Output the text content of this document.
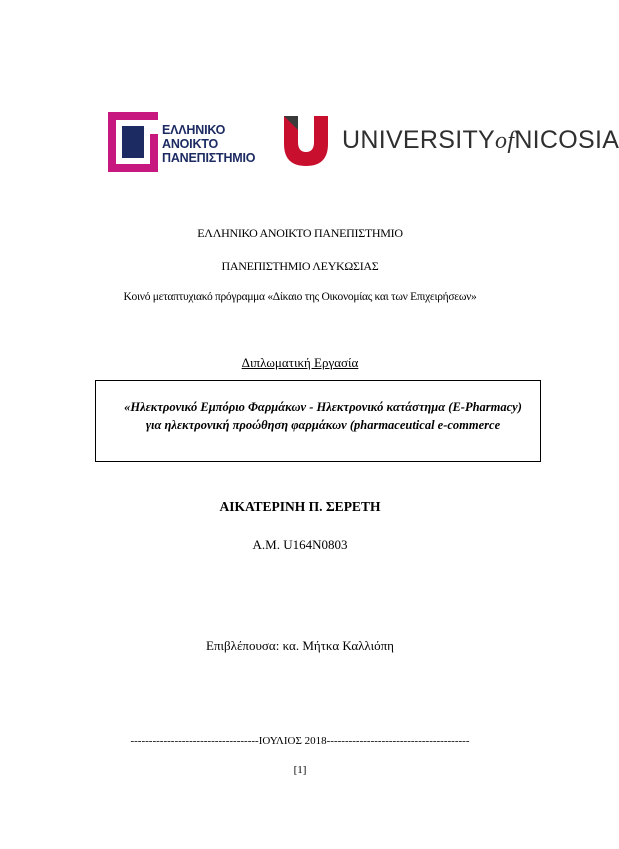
ΕΛΛΗΝΙΚΟ
ΑΝΟΙΚΤΟ
ΠΑΝΕΠΙΣΤΗΜΙΟ
UNIVERSITYofNICOSIA
ΕΛΛΗΝΙΚΟ ΑΝΟΙΚΤΟ ΠΑΝΕΠΙΣΤΗΜΙΟ
ΠΑΝΕΠΙΣΤΗΜΙΟ ΛΕΥΚΩΣΙΑΣ
Κοινό μεταπτυχιακό πρόγραμμα «Δίκαιο της Οικονομίας και των Επιχειρήσεων»
Διπλωματική Εργασία
«Ηλεκτρονικό Εμπόριο Φαρμάκων - Ηλεκτρονικό κατάστημα (E-Pharmacy) για ηλεκτρονική προώθηση φαρμάκων (pharmaceutical e-commerce
ΑΙΚΑΤΕΡΙΝΗ Π. ΣΕΡΕΤΗ
Α.Μ. U164N0803
Επιβλέπουσα: κα. Μήτκα Καλλιόπη
-----------------------------------ΙΟΥΛΙΟΣ 2018---------------------------------------
[1]
